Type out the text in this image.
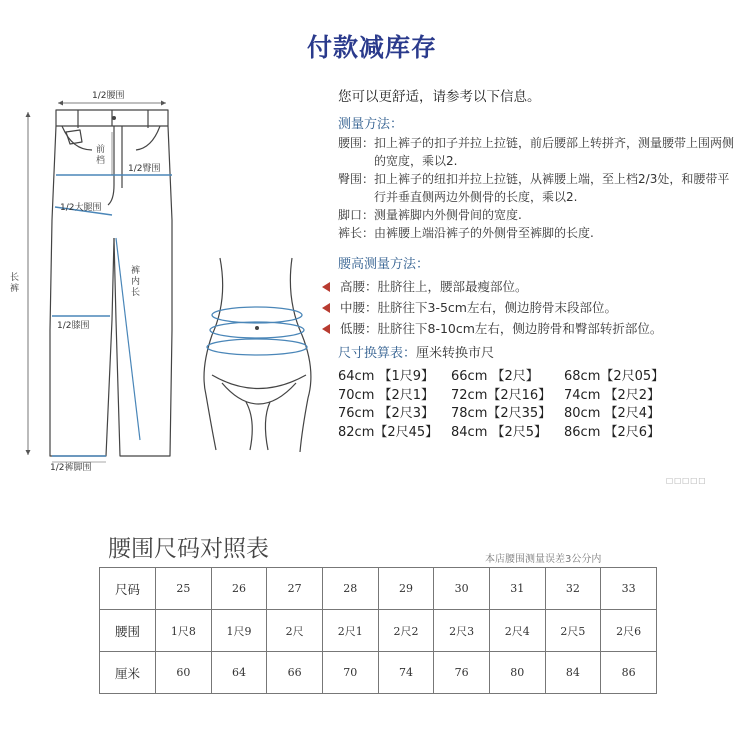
付款减库存
1/2腰围
前档
1/2臀围
1/2大腿围
裤内长
1/2膝围
1/2裤脚围
长裤
您可以更舒适，请参考以下信息。
测量方法：
腰围： 扣上裤子的扣子并拉上拉链，前后腰部上转拼齐，测量腰带上围两侧的宽度，乘以2.
臀围： 扣上裤子的纽扣并拉上拉链，从裤腰上端，至上档2/3处，和腰带平行并垂直侧两边外侧骨的长度，乘以2.
脚口： 测量裤脚内外侧骨间的宽度.
裤长： 由裤腰上端沿裤子的外侧骨至裤脚的长度.
腰高测量方法：
高腰：肚脐往上，腰部最瘦部位。
中腰：肚脐往下3-5cm左右，侧边胯骨末段部位。
低腰：肚脐往下8-10cm左右，侧边胯骨和臀部转折部位。
尺寸换算表：厘米转换市尺
64cm 【1尺9】	66cm 【2尺】	68cm【2尺05】
70cm 【2尺1】	72cm【2尺16】 74cm 【2尺2】
76cm 【2尺3】	78cm【2尺35】 80cm 【2尺4】
82cm【2尺45】 84cm 【2尺5】	86cm 【2尺6】
□□□□□
腰围尺码对照表	本店腰围测量误差3公分内
尺码	25	26	27	28	29	30	31	32	33
腰围	1尺8	1尺9	2尺	2尺1	2尺2	2尺3	2尺4	2尺5	2尺6
厘米	60	64	66	70	74	76	80	84	86
